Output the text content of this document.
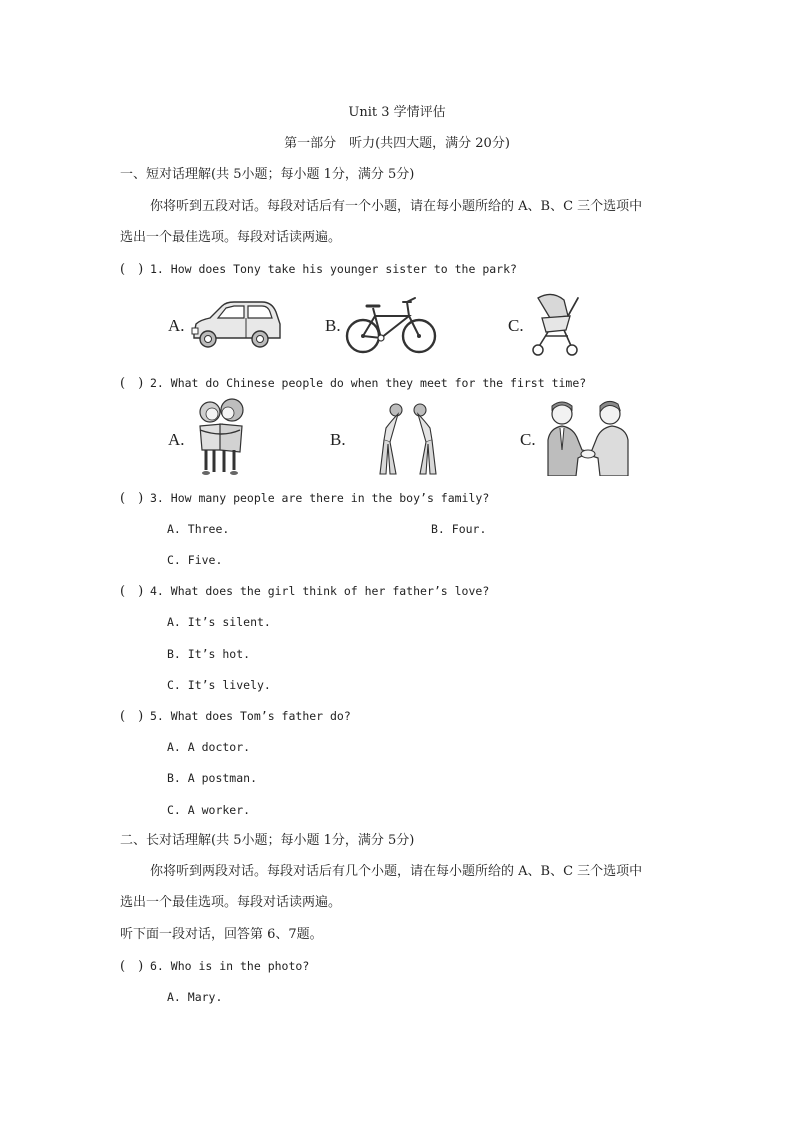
Unit 3 学情评估
第一部分　听力(共四大题，满分 20分)
一、短对话理解(共 5小题；每小题 1分，满分 5分)
你将听到五段对话。每段对话后有一个小题，请在每小题所给的 A、B、C 三个选项中
选出一个最佳选项。每段对话读两遍。
(　) 1. How does Tony take his younger sister to the park?
A.	B.	C.
(　) 2. What do Chinese people do when they meet for the first time?
A.	B.	C.
(　) 3. How many people are there in the boy’s family?
A. Three.	B. Four.
C. Five.
(　) 4. What does the girl think of her father’s love?
A. It’s silent.
B. It’s hot.
C. It’s lively.
(　) 5. What does Tom’s father do?
A. A doctor.
B. A postman.
C. A worker.
二、长对话理解(共 5小题；每小题 1分，满分 5分)
你将听到两段对话。每段对话后有几个小题，请在每小题所给的 A、B、C 三个选项中
选出一个最佳选项。每段对话读两遍。
听下面一段对话，回答第 6、7题。
(　) 6. Who is in the photo?
A. Mary.
